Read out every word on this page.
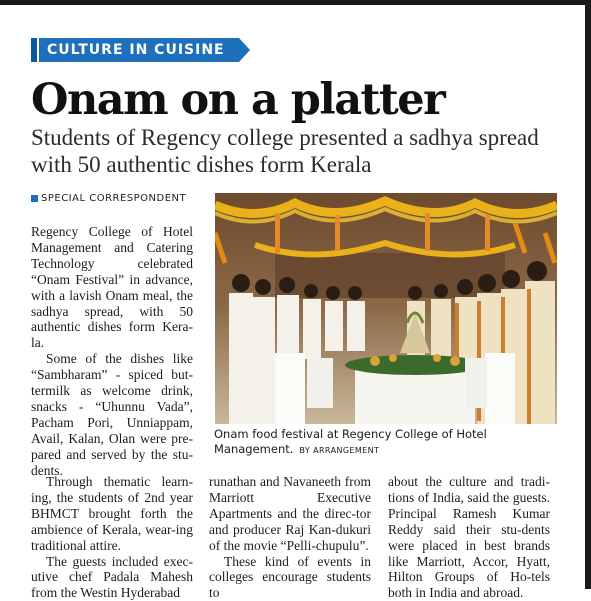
CULTURE IN CUISINE
Onam on a platter

Students of Regency college presented a sadhya spread with 50 authentic dishes form Kerala

SPECIAL CORRESPONDENT

Regency College of Hotel Management and Catering Technology celebrated “Onam Festival” in advance, with a lavish Onam meal, the sadhya spread, with 50 authentic dishes form Kera-la.

Some of the dishes like “Sambharam” - spiced but-termilk as welcome drink, snacks - “Uhunnu Vada”, Pacham Pori, Unniappam, Avail, Kalan, Olan were pre-pared and served by the stu-dents.

Through thematic learn-ing, the students of 2nd year BHMCT brought forth the ambience of Kerala, wear-ing traditional attire.

The guests included exec-utive chef Padala Mahesh from the Westin Hyderabad

runathan and Navaneeth from Marriott Executive Apartments and the direc-tor and producer Raj Kan-dukuri of the movie “Pelli-chupulu”.

These kind of events in colleges encourage students to

about the culture and tradi-tions of India, said the guests. Principal Ramesh Kumar Reddy said their stu-dents were placed in best brands like Marriott, Accor, Hyatt, Hilton Groups of Ho-tels both in India and abroad.

Onam food festival at Regency College of Hotel Management. BY ARRANGEMENT
